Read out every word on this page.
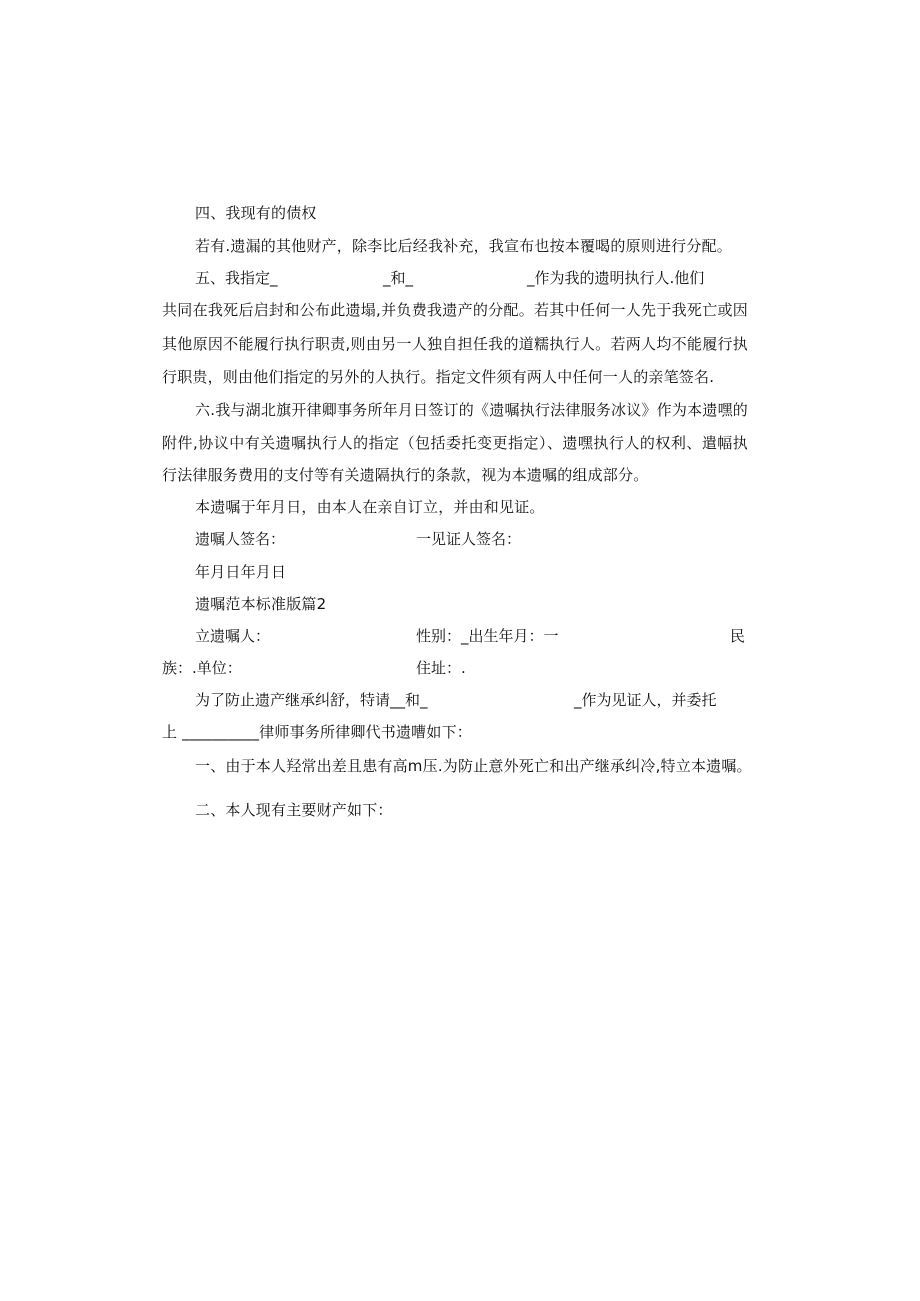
四、我现有的债权
若有.遗漏的其他财产，除李比后经我补充，我宣布也按本覆喝的原则进行分配。
五、我指定_	_和_	_作为我的遗明执行人.他们
共同在我死后启封和公布此遗塌,并负费我遗产的分配。若其中任何一人先于我死亡或因
其他原因不能履行执行职责,则由另一人独自担任我的道糯执行人。若两人均不能履行执
行职贵，则由他们指定的另外的人执行。指定文件须有两人中任何一人的亲笔签名.
六.我与湖北旗开律卿事务所年月日签订的《遗嘱执行法律服务冰议》作为本遗嘿的
附件,协议中有关遗嘱执行人的指定（包括委托变更指定）、遗嘿执行人的权利、遣幅执
行法律服务费用的支付等有关遗隔执行的条款，视为本遗嘱的组成部分。
本遗嘱于年月日，由本人在亲自订立，并由和见证。
遗嘱人签名：	一见证人签名：
年月日年月日
遗嘱范本标准版篇2
立遗嘱人：	性别：_出生年月：一	民
族：.单位：	住址：.
为了防止遗产继承纠舒，特请__和_	_作为见证人，并委托
上 __________律师事务所律卿代书遗嘈如下：
一、由于本人羟常出差且患有高m压.为防止意外死亡和出产继承纠冷,特立本遗嘱。
二、本人现有主要财产如下：
